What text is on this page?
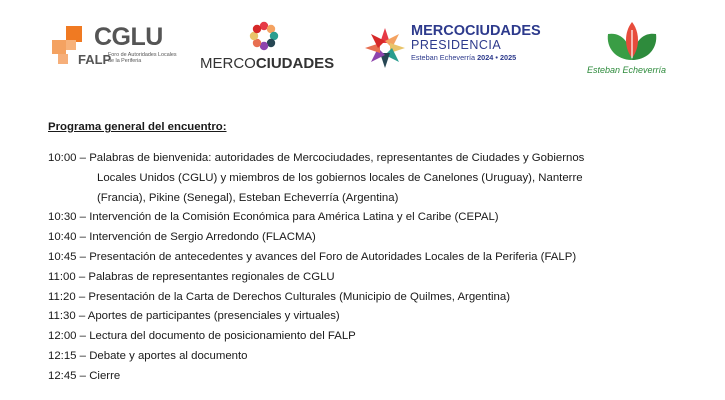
CGLU
FALP
Foro de Autoridades Locales de la Periferia	MERCOCIUDADES
MERCOCIUDADES
PRESIDENCIA
Esteban Echeverría 2024 • 2025
Esteban Echeverría
Programa general del encuentro:
10:00 – Palabras de bienvenida: autoridades de Mercociudades, representantes de Ciudades y Gobiernos
Locales Unidos (CGLU) y miembros de los gobiernos locales de Canelones (Uruguay), Nanterre
(Francia), Pikine (Senegal), Esteban Echeverría (Argentina)
10:30 – Intervención de la Comisión Económica para América Latina y el Caribe (CEPAL)
10:40 – Intervención de Sergio Arredondo (FLACMA)
10:45 – Presentación de antecedentes y avances del Foro de Autoridades Locales de la Periferia (FALP)
11:00 – Palabras de representantes regionales de CGLU
11:20 – Presentación de la Carta de Derechos Culturales (Municipio de Quilmes, Argentina)
11:30 – Aportes de participantes (presenciales y virtuales)
12:00 – Lectura del documento de posicionamiento del FALP
12:15 – Debate y aportes al documento
12:45 – Cierre
